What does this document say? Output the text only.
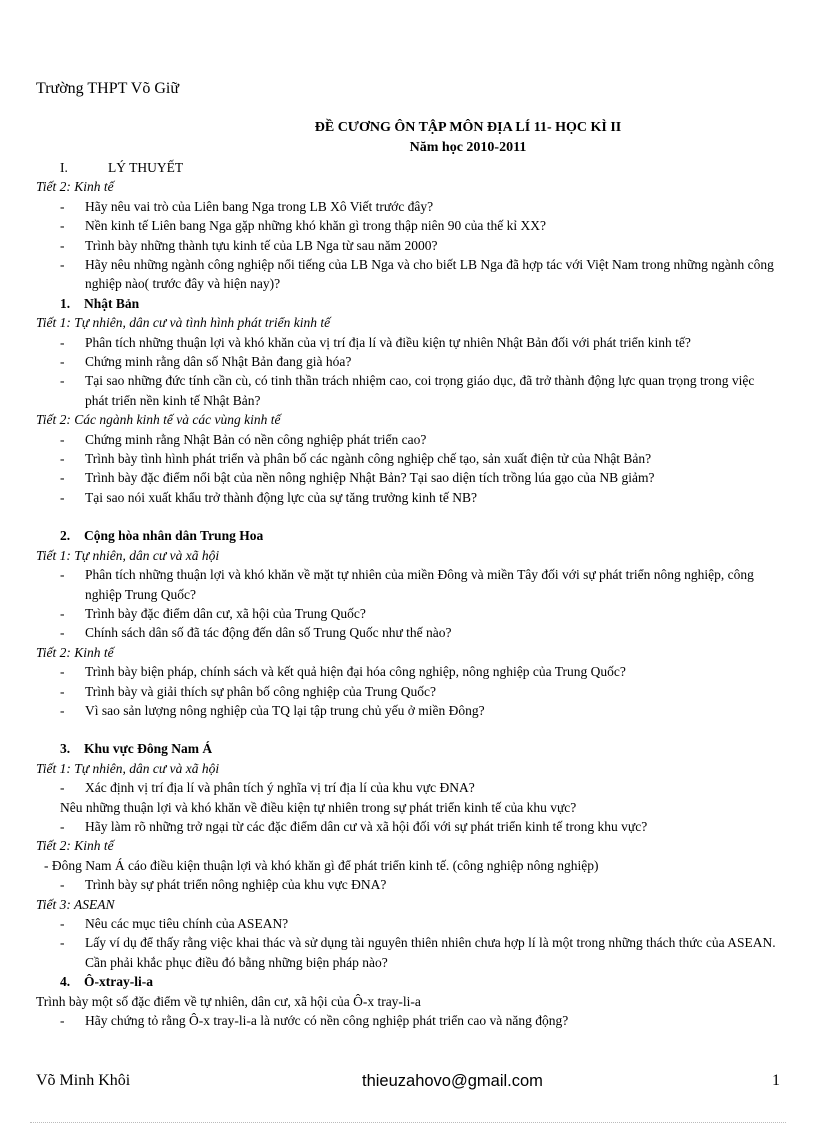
Trường THPT Võ Giữ
ĐỀ CƯƠNG ÔN TẬP MÔN ĐỊA LÍ 11- HỌC KÌ II
Năm học 2010-2011
I.	LÝ THUYẾT
Tiết 2: Kinh tế
- Hãy nêu vai trò của Liên bang Nga trong LB Xô Viết trước đây?
- Nền kinh tế Liên bang Nga gặp những khó khăn gì trong thập niên 90 của thế kỉ XX?
- Trình bày những thành tựu kinh tế của LB Nga từ sau năm 2000?
- Hãy nêu những ngành công nghiệp nổi tiếng của LB Nga và cho biết LB Nga đã hợp tác với Việt Nam trong những ngành công nghiệp nào( trước đây và hiện nay)?
1. Nhật Bản
Tiết 1: Tự nhiên, dân cư và tình hình phát triển kinh tế
- Phân tích những thuận lợi và khó khăn của vị trí địa lí và điều kiện tự nhiên Nhật Bản đối với phát triển kinh tế?
- Chứng minh rằng dân số Nhật Bản đang già hóa?
- Tại sao những đức tính cần cù, có tinh thần trách nhiệm cao, coi trọng giáo dục, đã trở thành động lực quan trọng trong việc phát triển nền kinh tế Nhật Bản?
Tiết 2: Các ngành kinh tế và các vùng kinh tế
- Chứng minh rằng Nhật Bản có nền công nghiệp phát triển cao?
- Trình bày tình hình phát triển và phân bố các ngành công nghiệp chế tạo, sản xuất điện tử của Nhật Bản?
- Trình bày đặc điểm nổi bật của nền nông nghiệp Nhật Bản? Tại sao diện tích trồng lúa gạo của NB giảm?
- Tại sao nói xuất khẩu trở thành động lực của sự tăng trưởng kinh tế NB?
2. Cộng hòa nhân dân Trung Hoa
Tiết 1: Tự nhiên, dân cư và xã hội
- Phân tích những thuận lợi và khó khăn về mặt tự nhiên của miền Đông và miền Tây đối với sự phát triển nông nghiệp, công nghiệp Trung Quốc?
- Trình bày đặc điểm dân cư, xã hội của Trung Quốc?
- Chính sách dân số đã tác động đến dân số Trung Quốc như thế nào?
Tiết 2: Kinh tế
- Trình bày biện pháp, chính sách và kết quả hiện đại hóa công nghiệp, nông nghiệp của Trung Quốc?
- Trình bày và giải thích sự phân bố công nghiệp của Trung Quốc?
- Vì sao sản lượng nông nghiệp của TQ lại tập trung chủ yếu ở miền Đông?
3. Khu vực Đông Nam Á
Tiết 1: Tự nhiên, dân cư và xã hội
- Xác định vị trí địa lí và phân tích ý nghĩa vị trí địa lí của khu vực ĐNA?
Nêu những thuận lợi và khó khăn về điều kiện tự nhiên trong sự phát triển kinh tế của khu vực?
- Hãy làm rõ những trở ngại từ các đặc điểm dân cư và xã hội đối với sự phát triển kinh tế trong khu vực?
Tiết 2: Kinh tế
- Đông Nam Á cáo điều kiện thuận lợi và khó khăn gì để phát triển kinh tế. (công nghiệp nông nghiệp)
- Trình bày sự phát triển nông nghiệp của khu vực ĐNA?
Tiết 3: ASEAN
- Nêu các mục tiêu chính của ASEAN?
- Lấy ví dụ để thấy rằng việc khai thác và sử dụng tài nguyên thiên nhiên chưa hợp lí là một trong những thách thức của ASEAN. Cần phải khắc phục điều đó bằng những biện pháp nào?
4. Ô-xtray-li-a
Trình bày một số đặc điểm về tự nhiên, dân cư, xã hội của Ô-x tray-li-a
- Hãy chứng tỏ rằng Ô-x tray-li-a là nước có nền công nghiệp phát triển cao và năng động?
Võ Minh Khôi	thieuzahovo@gmail.com	1
